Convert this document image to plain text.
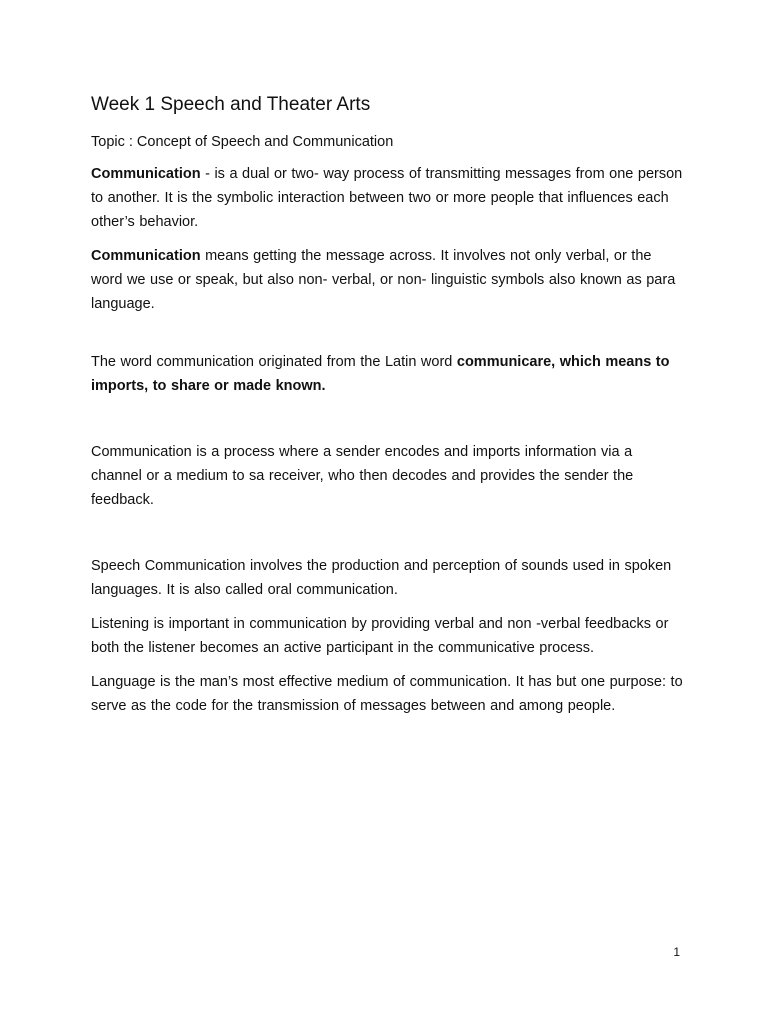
Week 1 Speech and Theater Arts
Topic : Concept of Speech and Communication

Communication - is a dual or two- way process of transmitting messages from one person to another. It is the symbolic interaction between two or more people that influences each other’s behavior.

Communication means getting the message across. It involves not only verbal, or the word we use or speak, but also non- verbal, or non- linguistic symbols also known as para language.

The word communication originated from the Latin word communicare, which means to imports, to share or made known.

Communication is a process where a sender encodes and imports information via a channel or a medium to sa receiver, who then decodes and provides the sender the feedback.

Speech Communication involves the production and perception of sounds used in spoken languages. It is also called oral communication.

Listening is important in communication by providing verbal and non -verbal feedbacks or both the listener becomes an active participant in the communicative process.

Language is the man’s most effective medium of communication. It has but one purpose: to serve as the code for the transmission of messages between and among people.

1
